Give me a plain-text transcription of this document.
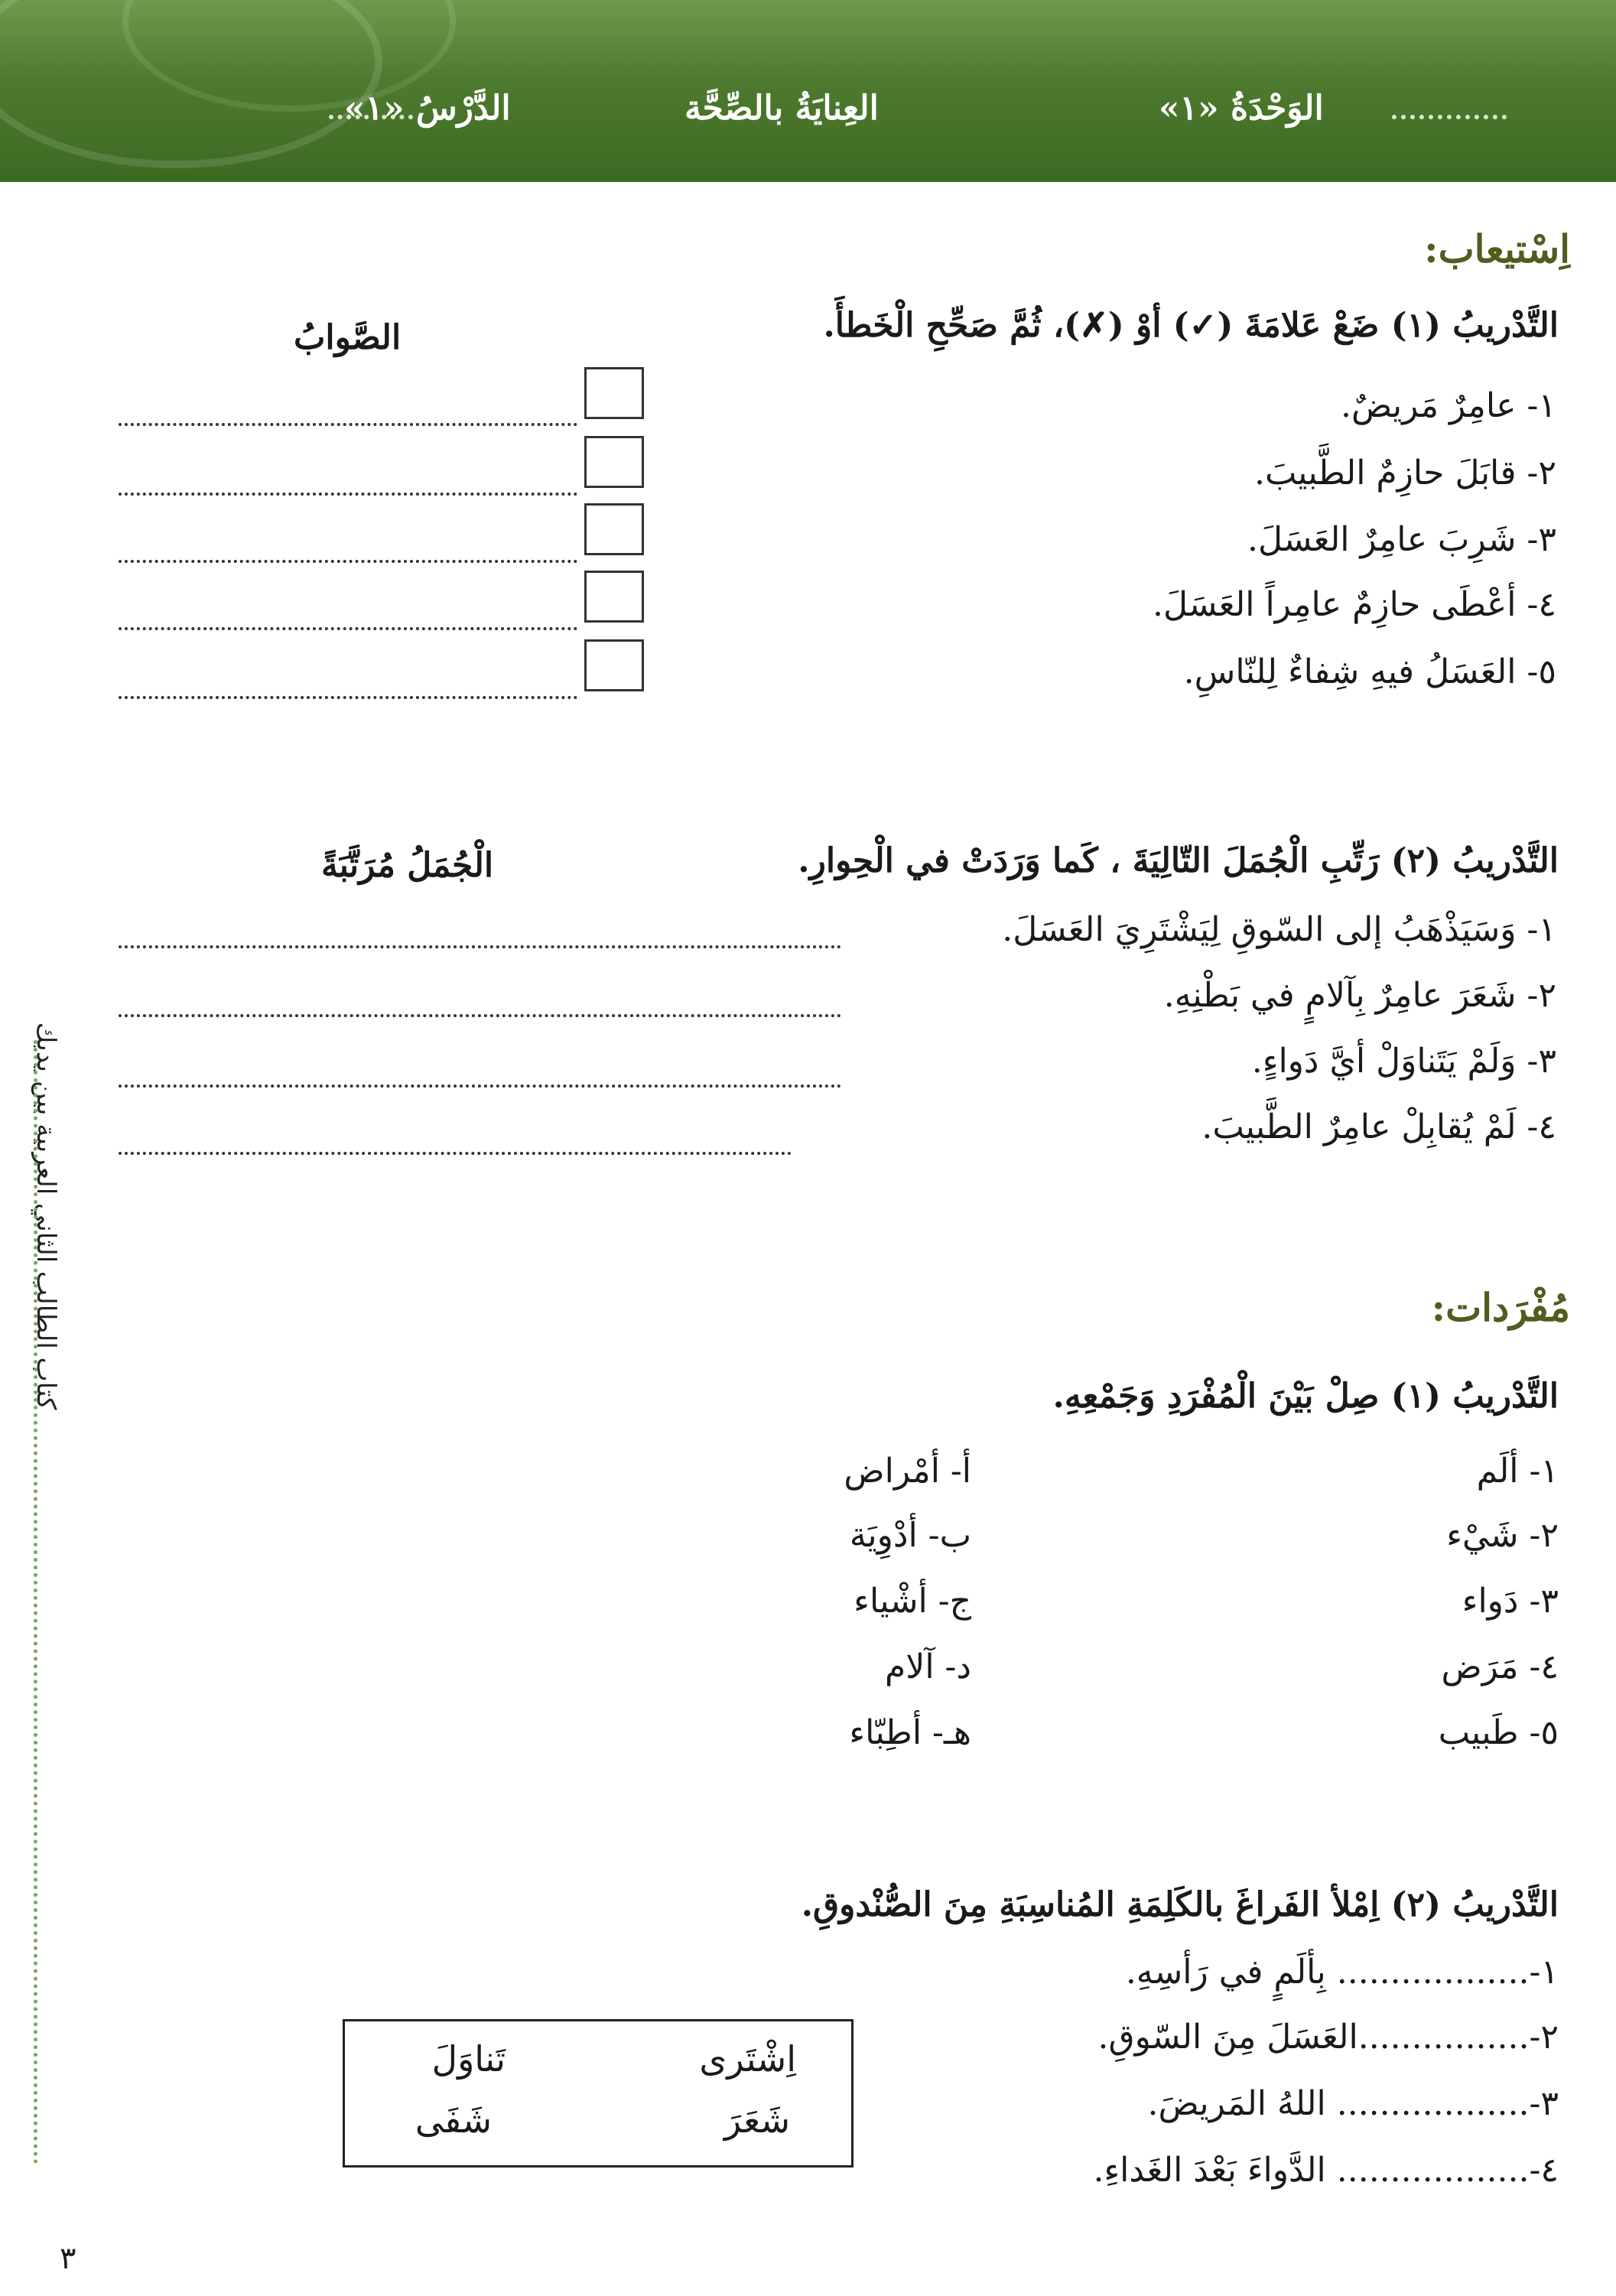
الوَحْدَةُ «١»
العِنايَةُ بالصِّحَّة
الدَّرْسُ «١»
كتاب الطالب الثاني العربية بين يديك
اِسْتيعاب:
التَّدْريبُ (١) ضَعْ عَلامَةَ (✓) أوْ (✗)، ثُمَّ صَحِّحِ الْخَطأَ.
الصَّوابُ
١- عامِرٌ مَريضٌ.
٢- قابَلَ حازِمٌ الطَّبيبَ.
٣- شَرِبَ عامِرٌ العَسَلَ.
٤- أعْطَى حازِمٌ عامِراً العَسَلَ.
٥- العَسَلُ فيهِ شِفاءٌ لِلنّاسِ.
التَّدْريبُ (٢) رَتِّبِ الْجُمَلَ التّالِيَةَ ، كَما وَرَدَتْ في الْحِوارِ.
الْجُمَلُ مُرَتَّبَةً
١- وَسَيَذْهَبُ إلى السّوقِ لِيَشْتَرِيَ العَسَلَ.
٢- شَعَرَ عامِرٌ بِآلامٍ في بَطْنِهِ.
٣- وَلَمْ يَتَناوَلْ أيَّ دَواءٍ.
٤- لَمْ يُقابِلْ عامِرٌ الطَّبيبَ.
مُفْرَدات:
التَّدْريبُ (١) صِلْ بَيْنَ الْمُفْرَدِ وَجَمْعِهِ.
١- ألَم
٢- شَيْء
٣- دَواء
٤- مَرَض
٥- طَبيب
أ- أمْراض
ب- أدْوِيَة
ج- أشْياء
د- آلام
هـ- أطِبّاء
التَّدْريبُ (٢) اِمْلأ الفَراغَ بالكَلِمَةِ المُناسِبَةِ مِنَ الصُّنْدوقِ.
١-.................. بِألَمٍ في رَأسِهِ.
٢-................العَسَلَ مِنَ السّوقِ.
٣-.................. اللهُ المَريضَ.
٤-.................. الدَّواءَ بَعْدَ الغَداءِ.
اِشْتَرى
تَناوَلَ
شَعَرَ
شَفَى
٣
